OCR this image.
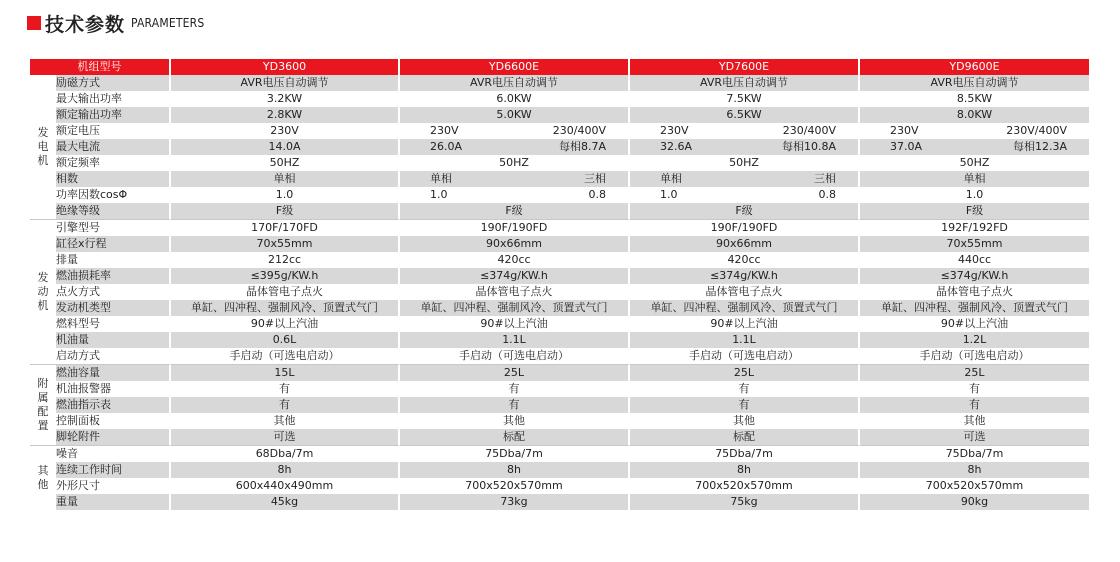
技术参数 PARAMETERS
机组型号		YD3600	YD6600E	YD7600E	YD9600E

发
电
机	励磁方式	AVR电压自动调节	AVR电压自动调节	AVR电压自动调节	AVR电压自动调节
	最大输出功率	3.2KW	6.0KW	7.5KW	8.5KW
	额定输出功率	2.8KW	5.0KW	6.5KW	8.0KW
	额定电压	230V	230V 230/400V	230V 230/400V	230V 230V/400V

	最大电流	14.0A	26.0A 每相8.7A	32.6A 每相10.8A	37.0A 每相12.3A

	额定频率	50HZ	50HZ	50HZ	50HZ
	相数	单相	单相 三相	单相 三相	单相
	功率因数cosΦ	1.0	1.0 0.8	1.0 0.8	1.0
	绝缘等级	F级	F级	F级	F级

发
动
机	引擎型号	170F/170FD	190F/190FD	190F/190FD	192F/192FD
	缸径x行程	70x55mm	90x66mm	90x66mm	70x55mm
	排量	212cc	420cc	420cc	440cc
	燃油损耗率	≤395g/KW.h	≤374g/KW.h	≤374g/KW.h	≤374g/KW.h
	点火方式	晶体管电子点火	晶体管电子点火	晶体管电子点火	晶体管电子点火
	发动机类型	单缸、四冲程、强制风冷、顶置式气门	单缸、四冲程、强制风冷、顶置式气门	单缸、四冲程、强制风冷、顶置式气门	单缸、四冲程、强制风冷、顶置式气门
	燃料型号	90#以上汽油	90#以上汽油	90#以上汽油	90#以上汽油
	机油量	0.6L	1.1L	1.1L	1.2L
	启动方式	手启动（可选电启动）	手启动（可选电启动）	手启动（可选电启动）	手启动（可选电启动）

附
属
配
置	燃油容量	15L	25L	25L	25L
	机油报警器	有	有	有	有
	燃油指示表	有	有	有	有
	控制面板	其他	其他	其他	其他
	脚轮附件	可选	标配	标配	可选

其
他	噪音	68Dba/7m	75Dba/7m	75Dba/7m	75Dba/7m
	连续工作时间	8h	8h	8h	8h
	外形尺寸	600x440x490mm	700x520x570mm	700x520x570mm	700x520x570mm
	重量	45kg	73kg	75kg	90kg
